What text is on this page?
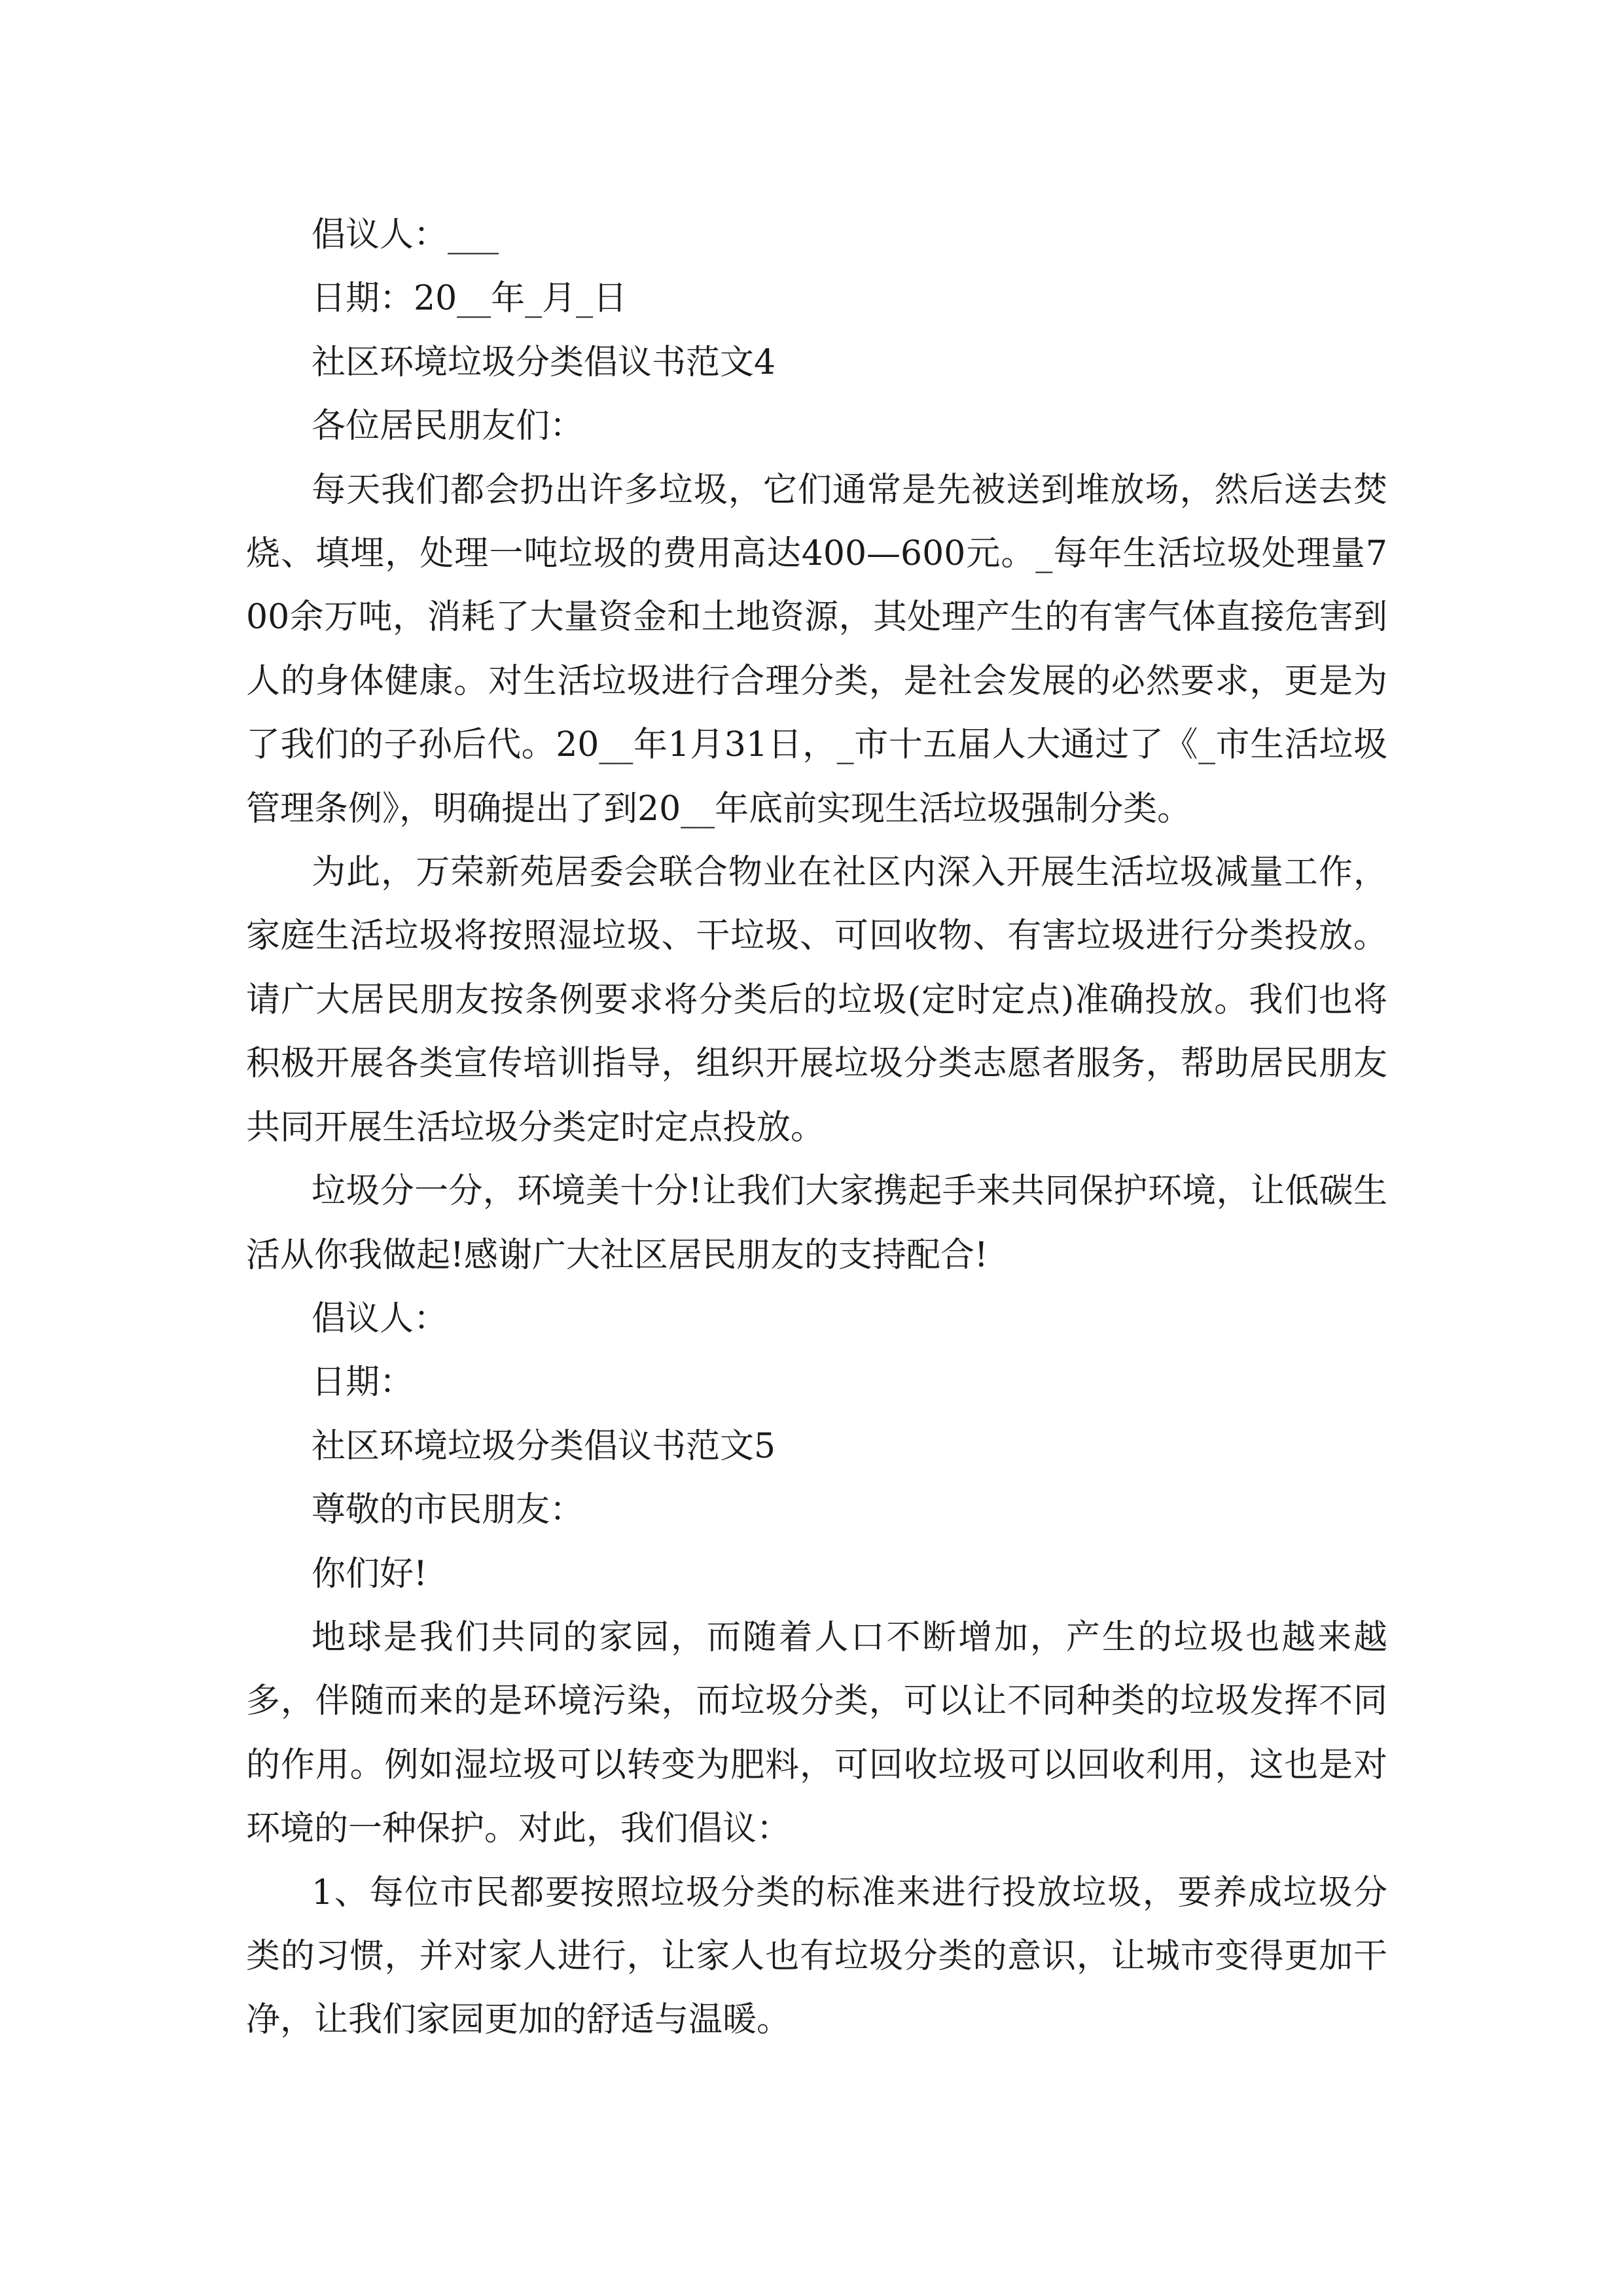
倡议人：___

日期：20__年_月_日

社区环境垃圾分类倡议书范文4

各位居民朋友们：

每天我们都会扔出许多垃圾，它们通常是先被送到堆放场，然后送去焚烧、填埋，处理一吨垃圾的费用高达400—600元。_每年生活垃圾处理量700余万吨，消耗了大量资金和土地资源，其处理产生的有害气体直接危害到人的身体健康。对生活垃圾进行合理分类，是社会发展的必然要求，更是为了我们的子孙后代。20__年1月31日，_市十五届人大通过了《_市生活垃圾管理条例》，明确提出了到20__年底前实现生活垃圾强制分类。

为此，万荣新苑居委会联合物业在社区内深入开展生活垃圾减量工作，家庭生活垃圾将按照湿垃圾、干垃圾、可回收物、有害垃圾进行分类投放。请广大居民朋友按条例要求将分类后的垃圾(定时定点)准确投放。我们也将积极开展各类宣传培训指导，组织开展垃圾分类志愿者服务，帮助居民朋友共同开展生活垃圾分类定时定点投放。

垃圾分一分，环境美十分!让我们大家携起手来共同保护环境，让低碳生活从你我做起!感谢广大社区居民朋友的支持配合!

倡议人：

日期：

社区环境垃圾分类倡议书范文5

尊敬的市民朋友：

你们好!

地球是我们共同的家园，而随着人口不断增加，产生的垃圾也越来越多，伴随而来的是环境污染，而垃圾分类，可以让不同种类的垃圾发挥不同的作用。例如湿垃圾可以转变为肥料，可回收垃圾可以回收利用，这也是对环境的一种保护。对此，我们倡议：

1、每位市民都要按照垃圾分类的标准来进行投放垃圾，要养成垃圾分类的习惯，并对家人进行，让家人也有垃圾分类的意识，让城市变得更加干净，让我们家园更加的舒适与温暖。
